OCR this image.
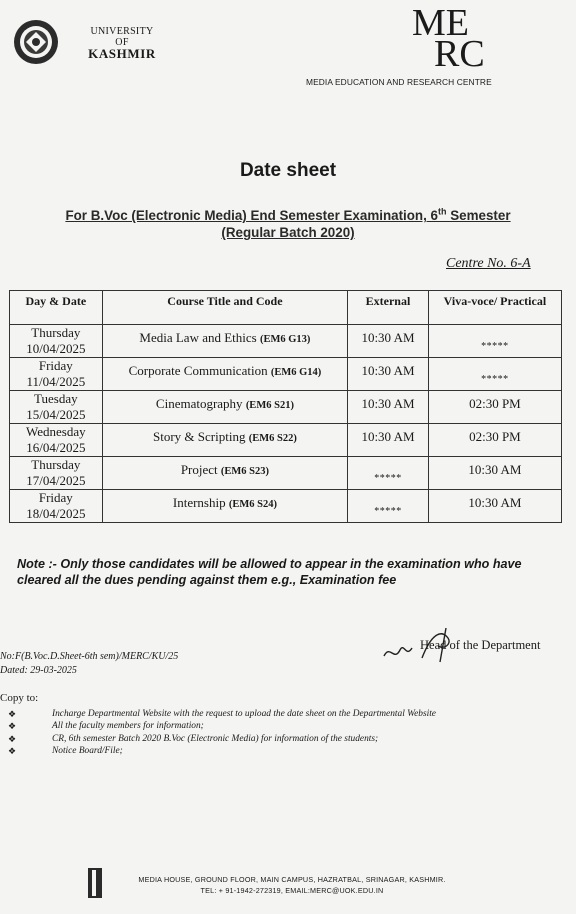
UNIVERSITY
OF
KASHMIR
ME
RC
MEDIA EDUCATION AND RESEARCH CENTRE
Date sheet
For B.Voc (Electronic Media) End Semester Examination, 6th Semester
(Regular Batch 2020)
Centre No. 6-A
Day & Date	Course Title and Code	External	Viva-voce/ Practical

Thursday
10/04/2025	Media Law and Ethics (EM6 G13)	10:30 AM	*****

Friday
11/04/2025	Corporate Communication (EM6 G14)	10:30 AM	*****

Tuesday
15/04/2025	Cinematography (EM6 S21)	10:30 AM	02:30 PM

Wednesday
16/04/2025	Story & Scripting (EM6 S22)	10:30 AM	02:30 PM

Thursday
17/04/2025	Project (EM6 S23)	*****	10:30 AM

Friday
18/04/2025	Internship (EM6 S24)	*****	10:30 AM
Note :- Only those candidates will be allowed to appear in the examination who have cleared all the dues pending against them e.g., Examination fee
Head of the Department
No:F(B.Voc.D.Sheet-6th sem)/MERC/KU/25
Dated: 29-03-2025
Copy to:
❖	Incharge Departmental Website with the request to upload the date sheet on the Departmental Website
❖	All the faculty members for information;
❖	CR, 6th semester Batch 2020 B.Voc (Electronic Media) for information of the students;
❖	Notice Board/File;
MEDIA HOUSE, GROUND FLOOR, MAIN CAMPUS, HAZRATBAL, SRINAGAR, KASHMIR.
TEL: + 91-1942-272319, EMAIL:MERC@UOK.EDU.IN
